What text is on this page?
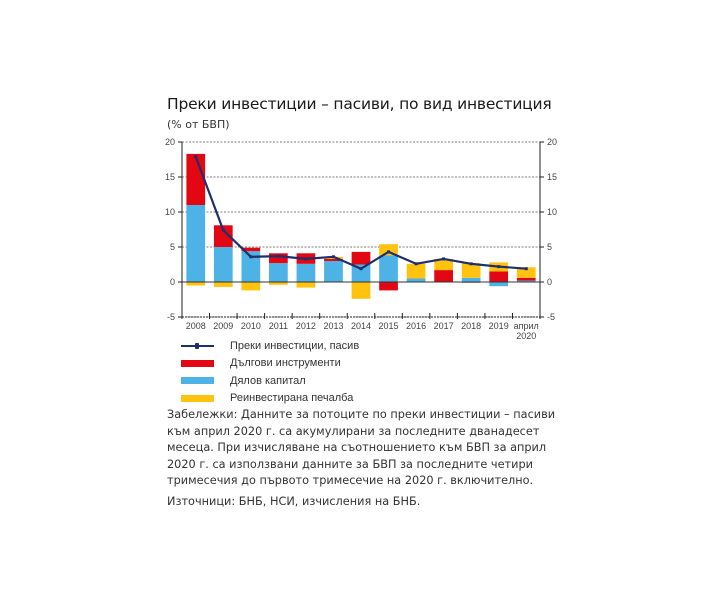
Преки инвестиции – пасиви, по вид инвестиция
(% от БВП)
-5	-5
0	0
5	5
10	10
15	15
20	20
2008 2009 2010 2011 2012 2013 2014 2015 2016 2017 2018 2019 април
2020
Преки инвестиции, пасив
Дългови инструменти
Дялов капитал
Реинвестирана печалба
Забележки: Данните за потоците по преки инвестиции – пасиви към април 2020 г. са акумулирани за последните дванадесет месеца. При изчисляване на съотношението към БВП за април 2020 г. са използвани данните за БВП за последните четири тримесечия до първото тримесечие на 2020 г. включително.
Източници: БНБ, НСИ, изчисления на БНБ.
